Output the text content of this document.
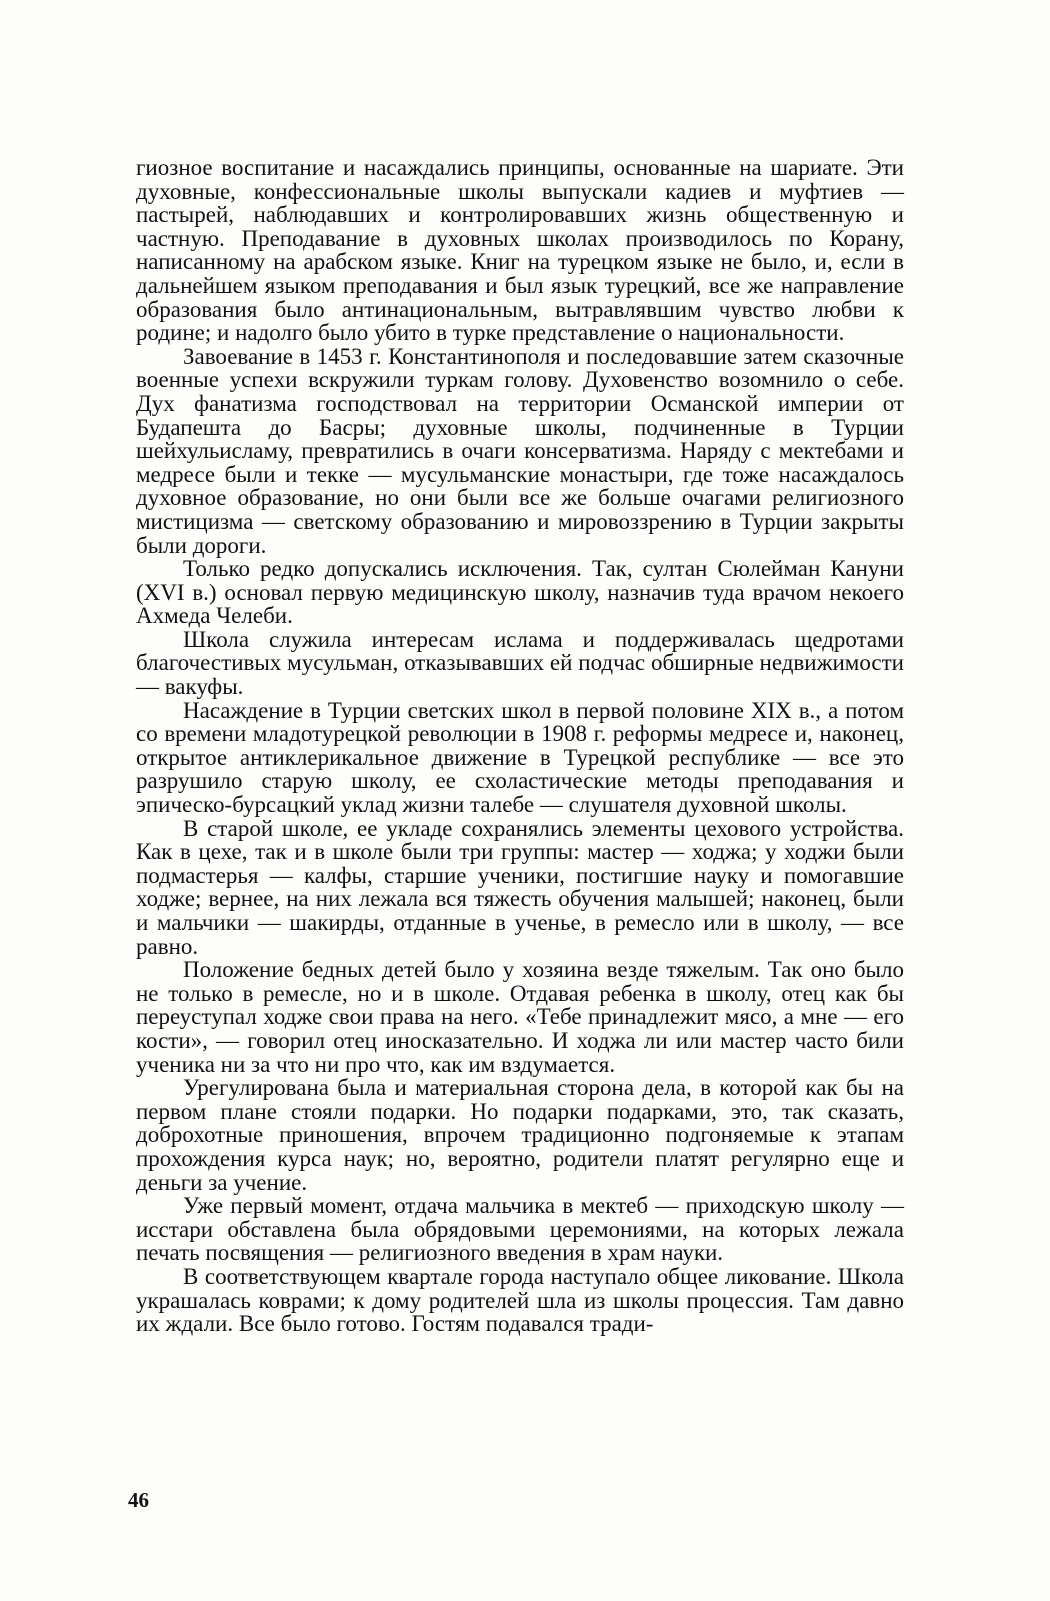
гиозное воспитание и насаждались принципы, основанные на шариате. Эти духовные, конфессиональные школы выпускали кадиев и муфтиев — пастырей, наблюдавших и контролировавших жизнь общественную и частную. Преподавание в духовных школах производилось по Корану, написанному на арабском языке. Книг на турецком языке не было, и, если в дальнейшем языком преподавания и был язык турецкий, все же направление образования было антинациональным, вытравлявшим чувство любви к родине; и надолго было убито в турке представление о национальности.

Завоевание в 1453 г. Константинополя и последовавшие затем сказочные военные успехи вскружили туркам голову. Духовенство возомнило о себе. Дух фанатизма господствовал на территории Османской империи от Будапешта до Басры; духовные школы, подчиненные в Турции шейхульисламу, превратились в очаги консерватизма. Наряду с мектебами и медресе были и текке — мусульманские монастыри, где тоже насаждалось духовное образование, но они были все же больше очагами религиозного мистицизма — светскому образованию и мировоззрению в Турции закрыты были дороги.

Только редко допускались исключения. Так, султан Сюлейман Кануни (XVI в.) основал первую медицинскую школу, назначив туда врачом некоего Ахмеда Челеби.

Школа служила интересам ислама и поддерживалась щедротами благочестивых мусульман, отказывавших ей подчас обширные недвижимости — вакуфы.

Насаждение в Турции светских школ в первой половине XIX в., а потом со времени младотурецкой революции в 1908 г. реформы медресе и, наконец, открытое антиклерикальное движение в Турецкой республике — все это разрушило старую школу, ее схоластические методы преподавания и эпическо-бурсацкий уклад жизни талебе — слушателя духовной школы.

В старой школе, ее укладе сохранялись элементы цехового устройства. Как в цехе, так и в школе были три группы: мастер — ходжа; у ходжи были подмастерья — калфы, старшие ученики, постигшие науку и помогавшие ходже; вернее, на них лежала вся тяжесть обучения малышей; наконец, были и мальчики — шакирды, отданные в ученье, в ремесло или в школу, — все равно.

Положение бедных детей было у хозяина везде тяжелым. Так оно было не только в ремесле, но и в школе. Отдавая ребенка в школу, отец как бы переуступал ходже свои права на него. «Тебе принадлежит мясо, а мне — его кости», — говорил отец иносказательно. И ходжа ли или мастер часто били ученика ни за что ни про что, как им вздумается.

Урегулирована была и материальная сторона дела, в которой как бы на первом плане стояли подарки. Но подарки подарками, это, так сказать, доброхотные приношения, впрочем традиционно подгоняемые к этапам прохождения курса наук; но, вероятно, родители платят регулярно еще и деньги за учение.

Уже первый момент, отдача мальчика в мектеб — приходскую школу — исстари обставлена была обрядовыми церемониями, на которых лежала печать посвящения — религиозного введения в храм науки.

В соответствующем квартале города наступало общее ликование. Школа украшалась коврами; к дому родителей шла из школы процессия. Там давно их ждали. Все было готово. Гостям подавался тради-

46
